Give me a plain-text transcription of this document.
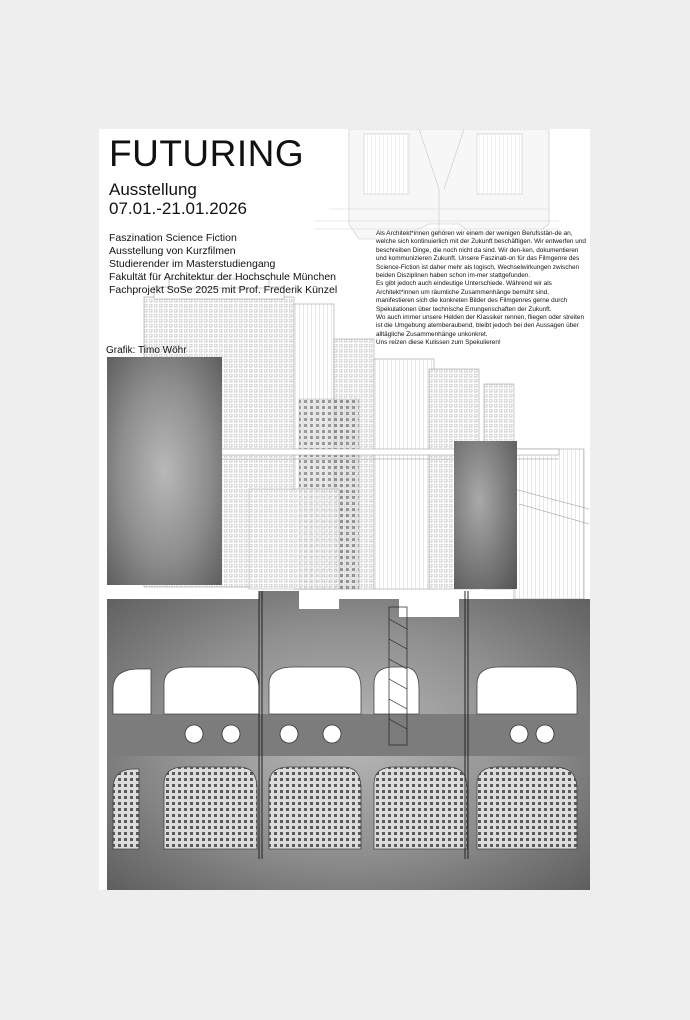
FUTURING
Ausstellung
07.01.-21.01.2026
Faszination Science Fiction
Ausstellung von Kurzfilmen
Studierender im Masterstudiengang
Fakultät für Architektur der Hochschule München
Fachprojekt SoSe 2025 mit Prof. Frederik Künzel
Grafik: Timo Wöhr

Als Architekt*innen gehören wir einem der wenigen Berufsstän-de an, welche sich kontinuierlich mit der Zukunft beschäftigen. Wir entwerfen und beschreiben Dinge, die noch nicht da sind. Wir den-ken, dokumentieren und kommunizieren Zukunft. Unsere Faszinati-on für das Filmgenre des Science-Fiction ist daher mehr als logisch, Wechselwirkungen zwischen beiden Disziplinen haben schon im-mer stattgefunden.

Es gibt jedoch auch eindeutige Unterschiede. Während wir als Architekt*innen um räumliche Zusammenhänge bemüht sind, manifestieren sich die konkreten Bilder des Filmgenres gerne durch Spekulationen über technische Errungenschaften der Zukunft.

Wo auch immer unsere Helden der Klassiker rennen, fliegen oder streiten ist die Umgebung atemberaubend, bleibt jedoch bei den Aussagen über alltägliche Zusammenhänge unkonkret.

Uns reizen diese Kulissen zum Spekulieren!
